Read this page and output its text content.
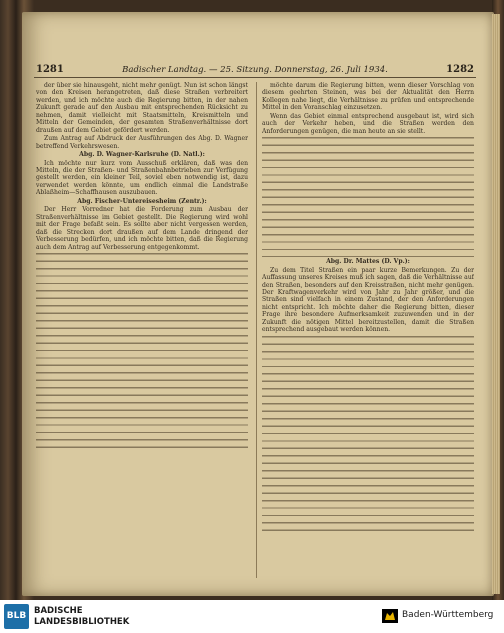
1281	Badischer Landtag. — 25. Sitzung. Donnerstag, 26. Juli 1934.	1282

der über sie hinausgeht, nicht mehr genügt. Nun ist schon längst von den Kreisen herangetreten, daß diese Straßen verbreitert werden, und ich möchte auch die Regierung bitten, in der nahen Zukunft gerade auf den Ausbau mit entsprechenden Rücksicht zu nehmen, damit vielleicht mit Staatsmitteln, Kreismitteln und Mitteln der Gemeinden, der gesamten Straßenverhältnisse dort draußen auf dem Gebiet gefördert werden.

Zum Antrag auf Abdruck der Ausführungen des Abg. D. Wagner betreffend Verkehrswesen.

Abg. D. Wagner-Karlsruhe (D. Natl.):

Ich möchte nur kurz vom Ausschuß erklären, daß was den Mitteln, die der Straßen- und Straßenbahnbetrieben zur Verfügung gestellt werden, ein kleiner Teil, soviel eben notwendig ist, dazu verwendet werden könnte, um endlich einmal die Landstraße Ablaßheim—Schaffhausen auszubauen.

Abg. Fischer-Untereisesheim (Zentr.):

Der Herr Vorredner hat die Forderung zum Ausbau der Straßenverhältnisse im Gebiet gestellt. Die Regierung wird wohl mit der Frage befaßt sein. Es sollte aber nicht vergessen werden, daß die Strecken dort draußen auf dem Lande dringend der Verbesserung bedürfen, und ich möchte bitten, daß die Regierung auch dem Antrag auf Verbesserung entgegenkommt.

möchte darum die Regierung bitten, wenn dieser Vorschlag von diesem geehrten Steinen, was bei der Aktualität den Herrn Kollegen nahe liegt, die Verhältnisse zu prüfen und entsprechende Mittel in den Voranschlag einzusetzen.

Wenn das Gebiet einmal entsprechend ausgebaut ist, wird sich auch der Verkehr heben, und die Straßen werden den Anforderungen genügen, die man heute an sie stellt.

Abg. Dr. Mattes (D. Vp.):

Zu dem Titel Straßen ein paar kurze Bemerkungen. Zu der Auffassung unseres Kreises muß ich sagen, daß die Verhältnisse auf den Straßen, besonders auf den Kreisstraßen, nicht mehr genügen. Der Kraftwagenverkehr wird von Jahr zu Jahr größer, und die Straßen sind vielfach in einem Zustand, der den Anforderungen nicht entspricht. Ich möchte daher die Regierung bitten, dieser Frage ihre besondere Aufmerksamkeit zuzuwenden und in der Zukunft die nötigen Mittel bereitzustellen, damit die Straßen entsprechend ausgebaut werden können.

BLB BADISCHE
LANDESBIBLIOTHEK
Baden-Württemberg
